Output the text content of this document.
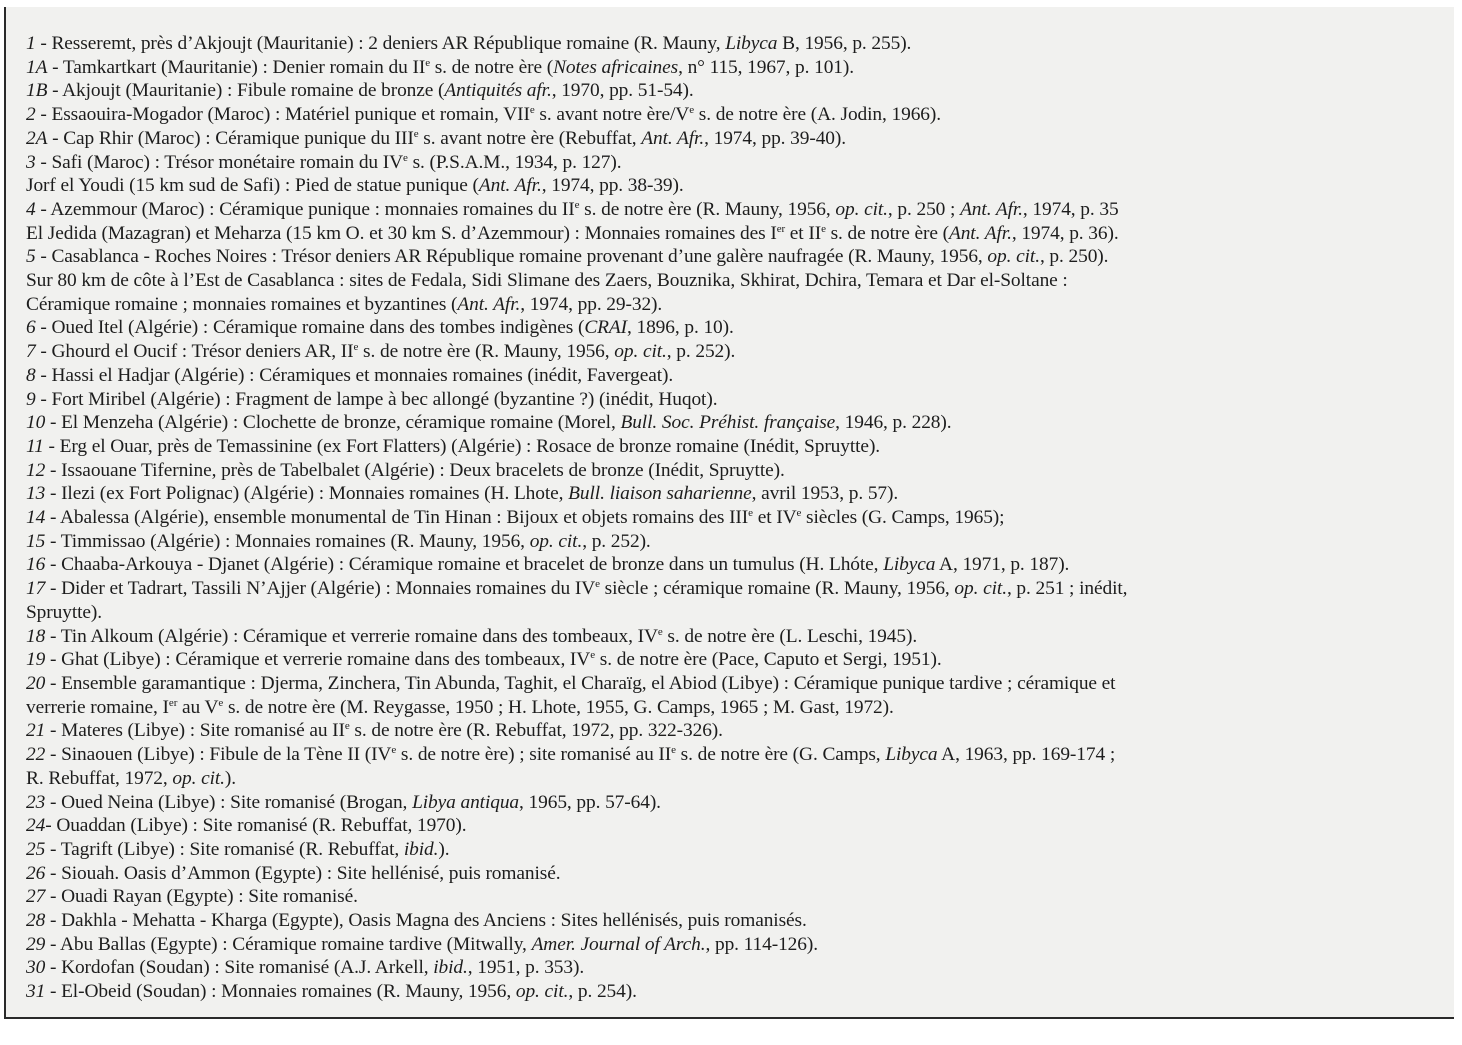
1 - Resseremt, près d’Akjoujt (Mauritanie) : 2 deniers AR République romaine (R. Mauny, Libyca B, 1956, p. 255).
1A - Tamkartkart (Mauritanie) : Denier romain du IIe s. de notre ère (Notes africaines, n° 115, 1967, p. 101).
1B - Akjoujt (Mauritanie) : Fibule romaine de bronze (Antiquités afr., 1970, pp. 51-54).
2 - Essaouira-Mogador (Maroc) : Matériel punique et romain, VIIe s. avant notre ère/Ve s. de notre ère (A. Jodin, 1966).
2A - Cap Rhir (Maroc) : Céramique punique du IIIe s. avant notre ère (Rebuffat, Ant. Afr., 1974, pp. 39-40).
3 - Safi (Maroc) : Trésor monétaire romain du IVe s. (P.S.A.M., 1934, p. 127).
Jorf el Youdi (15 km sud de Safi) : Pied de statue punique (Ant. Afr., 1974, pp. 38-39).
4 - Azemmour (Maroc) : Céramique punique : monnaies romaines du IIe s. de notre ère (R. Mauny, 1956, op. cit., p. 250 ; Ant. Afr., 1974, p. 35
El Jedida (Mazagran) et Meharza (15 km O. et 30 km S. d’Azemmour) : Monnaies romaines des Ier et IIe s. de notre ère (Ant. Afr., 1974, p. 36).
5 - Casablanca - Roches Noires : Trésor deniers AR République romaine provenant d’une galère naufragée (R. Mauny, 1956, op. cit., p. 250).
Sur 80 km de côte à l’Est de Casablanca : sites de Fedala, Sidi Slimane des Zaers, Bouznika, Skhirat, Dchira, Temara et Dar el-Soltane :
Céramique romaine ; monnaies romaines et byzantines (Ant. Afr., 1974, pp. 29-32).
6 - Oued Itel (Algérie) : Céramique romaine dans des tombes indigènes (CRAI, 1896, p. 10).
7 - Ghourd el Oucif : Trésor deniers AR, IIe s. de notre ère (R. Mauny, 1956, op. cit., p. 252).
8 - Hassi el Hadjar (Algérie) : Céramiques et monnaies romaines (inédit, Favergeat).
9 - Fort Miribel (Algérie) : Fragment de lampe à bec allongé (byzantine ?) (inédit, Huqot).
10 - El Menzeha (Algérie) : Clochette de bronze, céramique romaine (Morel, Bull. Soc. Préhist. française, 1946, p. 228).
11 - Erg el Ouar, près de Temassinine (ex Fort Flatters) (Algérie) : Rosace de bronze romaine (Inédit, Spruytte).
12 - Issaouane Tifernine, près de Tabelbalet (Algérie) : Deux bracelets de bronze (Inédit, Spruytte).
13 - Ilezi (ex Fort Polignac) (Algérie) : Monnaies romaines (H. Lhote, Bull. liaison saharienne, avril 1953, p. 57).
14 - Abalessa (Algérie), ensemble monumental de Tin Hinan : Bijoux et objets romains des IIIe et IVe siècles (G. Camps, 1965);
15 - Timmissao (Algérie) : Monnaies romaines (R. Mauny, 1956, op. cit., p. 252).
16 - Chaaba-Arkouya - Djanet (Algérie) : Céramique romaine et bracelet de bronze dans un tumulus (H. Lhóte, Libyca A, 1971, p. 187).
17 - Dider et Tadrart, Tassili N’Ajjer (Algérie) : Monnaies romaines du IVe siècle ; céramique romaine (R. Mauny, 1956, op. cit., p. 251 ; inédit,
Spruytte).
18 - Tin Alkoum (Algérie) : Céramique et verrerie romaine dans des tombeaux, IVe s. de notre ère (L. Leschi, 1945).
19 - Ghat (Libye) : Céramique et verrerie romaine dans des tombeaux, IVe s. de notre ère (Pace, Caputo et Sergi, 1951).
20 - Ensemble garamantique : Djerma, Zinchera, Tin Abunda, Taghit, el Charaïg, el Abiod (Libye) : Céramique punique tardive ; céramique et
verrerie romaine, Ier au Ve s. de notre ère (M. Reygasse, 1950 ; H. Lhote, 1955, G. Camps, 1965 ; M. Gast, 1972).
21 - Materes (Libye) : Site romanisé au IIe s. de notre ère (R. Rebuffat, 1972, pp. 322-326).
22 - Sinaouen (Libye) : Fibule de la Tène II (IVe s. de notre ère) ; site romanisé au IIe s. de notre ère (G. Camps, Libyca A, 1963, pp. 169-174 ;
R. Rebuffat, 1972, op. cit.).
23 - Oued Neina (Libye) : Site romanisé (Brogan, Libya antiqua, 1965, pp. 57-64).
24- Ouaddan (Libye) : Site romanisé (R. Rebuffat, 1970).
25 - Tagrift (Libye) : Site romanisé (R. Rebuffat, ibid.).
26 - Siouah. Oasis d’Ammon (Egypte) : Site hellénisé, puis romanisé.
27 - Ouadi Rayan (Egypte) : Site romanisé.
28 - Dakhla - Mehatta - Kharga (Egypte), Oasis Magna des Anciens : Sites hellénisés, puis romanisés.
29 - Abu Ballas (Egypte) : Céramique romaine tardive (Mitwally, Amer. Journal of Arch., pp. 114-126).
30 - Kordofan (Soudan) : Site romanisé (A.J. Arkell, ibid., 1951, p. 353).
31 - El-Obeid (Soudan) : Monnaies romaines (R. Mauny, 1956, op. cit., p. 254).
